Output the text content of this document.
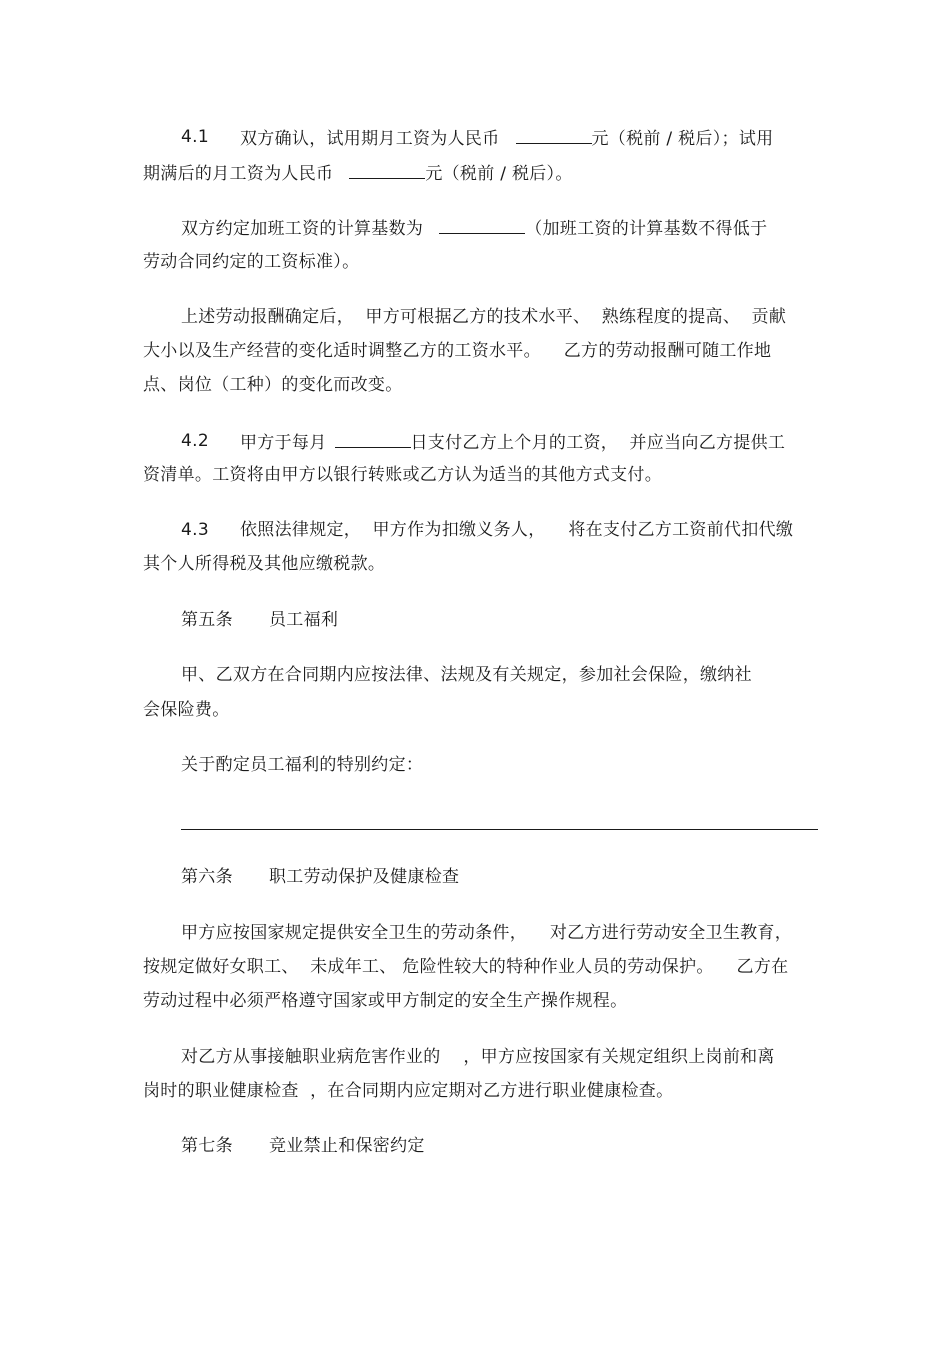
4.1 双方确认，试用期月工资为人民币	元（税前 / 税后）；试用
期满后的月工资为人民币	元（税前 / 税后）。
双方约定加班工资的计算基数为	（加班工资的计算基数不得低于
劳动合同约定的工资标准）。
上述劳动报酬确定后，  甲方可根据乙方的技术水平、  熟练程度的提高、  贡献
大小以及生产经营的变化适时调整乙方的工资水平。    乙方的劳动报酬可随工作地
点、岗位（工种）的变化而改变。
4.2 甲方于每月	日支付乙方上个月的工资，  并应当向乙方提供工
资清单。工资将由甲方以银行转账或乙方认为适当的其他方式支付。
4.3 依照法律规定，  甲方作为扣缴义务人，    将在支付乙方工资前代扣代缴
其个人所得税及其他应缴税款。
第五条 员工福利
甲、乙双方在合同期内应按法律、法规及有关规定，参加社会保险，缴纳社
会保险费。
关于酌定员工福利的特别约定：
第六条 职工劳动保护及健康检查
甲方应按国家规定提供安全卫生的劳动条件，    对乙方进行劳动安全卫生教育，
按规定做好女职工、  未成年工、 危险性较大的特种作业人员的劳动保护。    乙方在
劳动过程中必须严格遵守国家或甲方制定的安全生产操作规程。
对乙方从事接触职业病危害作业的    ，甲方应按国家有关规定组织上岗前和离
岗时的职业健康检查  ，在合同期内应定期对乙方进行职业健康检查。
第七条 竞业禁止和保密约定
